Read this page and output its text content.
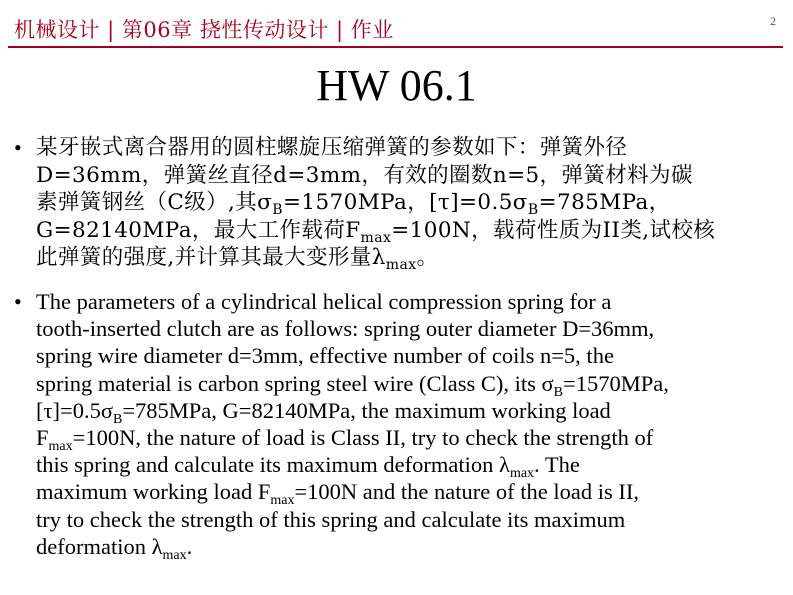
机械设计 | 第06章 挠性传动设计 | 作业	2
HW 06.1
• 某牙嵌式离合器用的圆柱螺旋压缩弹簧的参数如下：弹簧外径
D=36mm，弹簧丝直径d=3mm，有效的圈数n=5，弹簧材料为碳
素弹簧钢丝（C级）,其$\sigma_B=1570MPa$，$[\tau]=0.5\sigma_B=785MPa$，
G=82140MPa，最大工作载荷$F_{max}=100N$，载荷性质为II类,试校核
此弹簧的强度,并计算其最大变形量$\lambda_{max}$。
• The parameters of a cylindrical helical compression spring for a
tooth-inserted clutch are as follows: spring outer diameter D=36mm,
spring wire diameter d=3mm, effective number of coils n=5, the
spring material is carbon spring steel wire (Class C), its $\sigma_B=1570MPa$,
$[\tau]=0.5\sigma_B=785MPa$, G=82140MPa, the maximum working load
$F_{max}=100N$, the nature of load is Class II, try to check the strength of
this spring and calculate its maximum deformation $\lambda_{max}$. The
maximum working load $F_{max}=100N$ and the nature of the load is II,
try to check the strength of this spring and calculate its maximum
deformation $\lambda_{max}$.
